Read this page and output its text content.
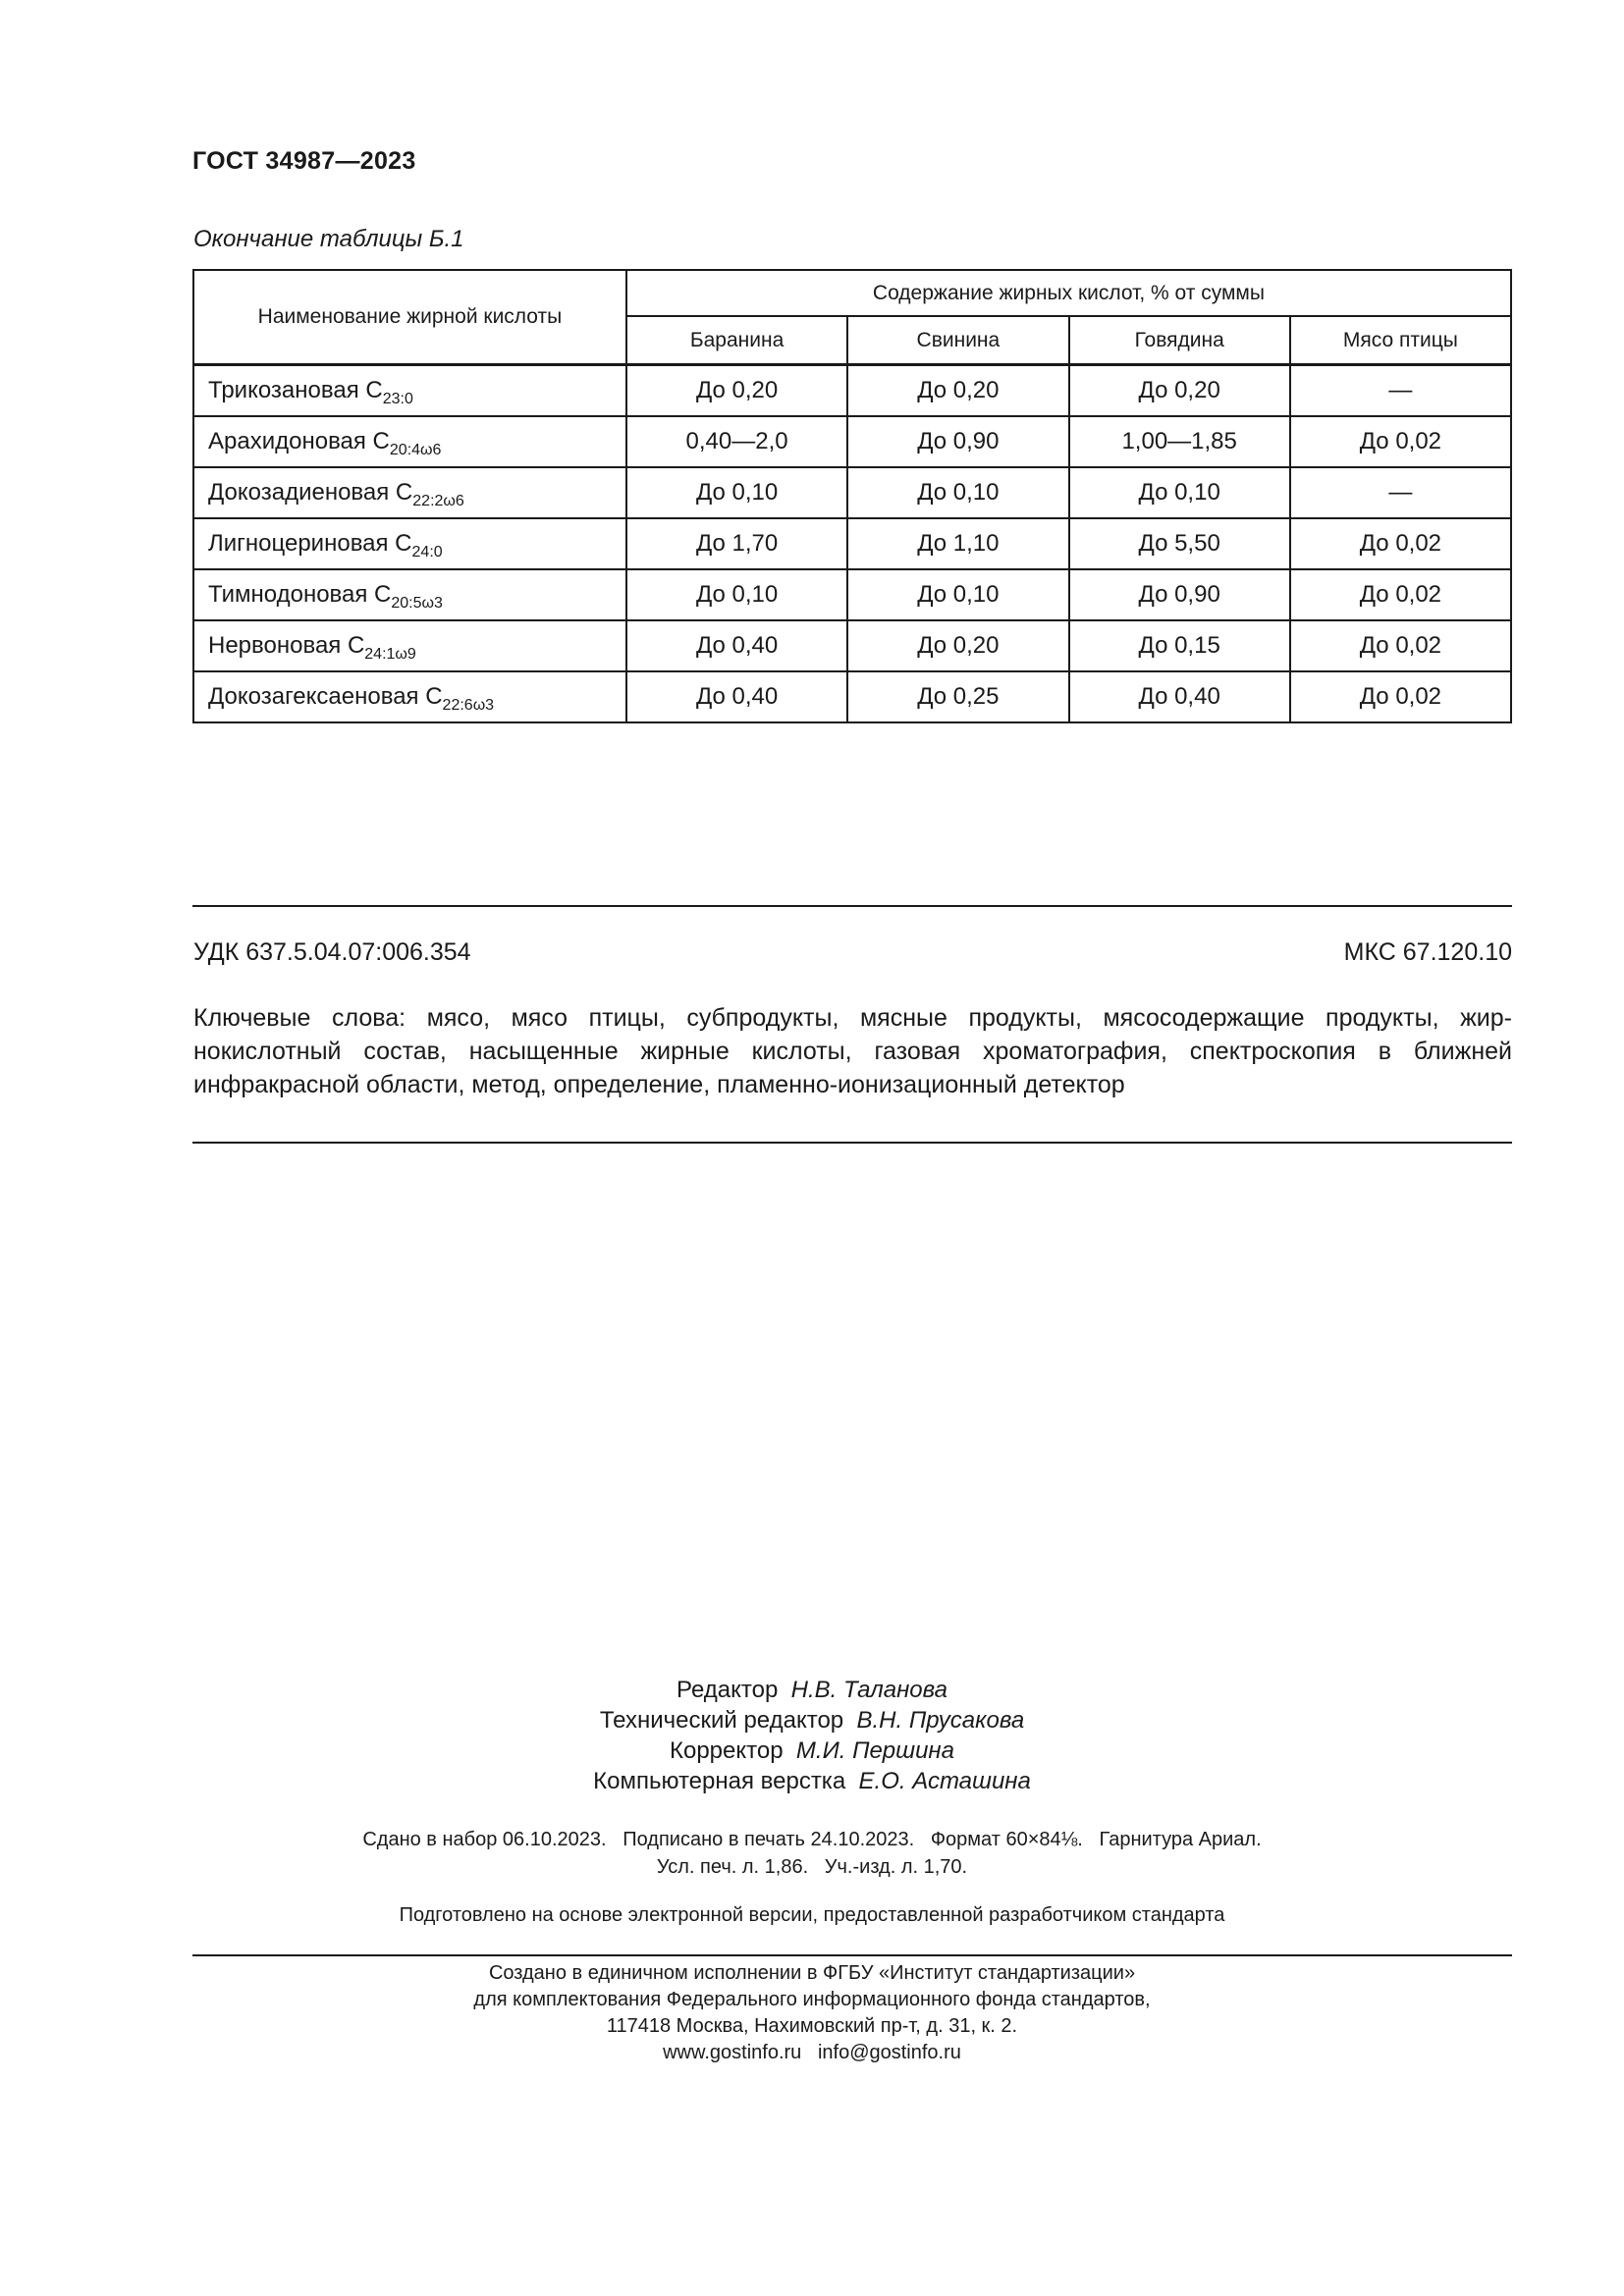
ГОСТ 34987—2023
Окончание таблицы Б.1
Наименование жирной кислоты	Содержание жирных кислот, % от суммы			
	Баранина	Свинина	Говядина	Мясо птицы
Трикозановая $C_{23:0}$	До 0,20	До 0,20	До 0,20	—
Арахидоновая $C_{20:4\omega 6}$	0,40—2,0	До 0,90	1,00—1,85	До 0,02
Докозадиеновая $C_{22:2\omega 6}$	До 0,10	До 0,10	До 0,10	—
Лигноцериновая $C_{24:0}$	До 1,70	До 1,10	До 5,50	До 0,02
Тимнодоновая $C_{20:5\omega 3}$	До 0,10	До 0,10	До 0,90	До 0,02
Нервоновая $C_{24:1\omega 9}$	До 0,40	До 0,20	До 0,15	До 0,02
Докозагексаеновая $C_{22:6\omega 3}$	До 0,40	До 0,25	До 0,40	До 0,02
УДК 637.5.04.07:006.354	МКС 67.120.10
Ключевые слова: мясо, мясо птицы, субпродукты, мясные продукты, мясосодержащие продукты, жир-нокислотный состав, насыщенные жирные кислоты, газовая хроматография, спектроскопия в ближней инфракрасной области, метод, определение, пламенно-ионизационный детектор
Редактор Н.В. Таланова
Технический редактор В.Н. Прусакова
Корректор М.И. Першина
Компьютерная верстка Е.О. Асташина
Сдано в набор 06.10.2023.   Подписано в печать 24.10.2023.   Формат 60×84⅛.   Гарнитура Ариал.
Усл. печ. л. 1,86.   Уч.-изд. л. 1,70.
Подготовлено на основе электронной версии, предоставленной разработчиком стандарта
Создано в единичном исполнении в ФГБУ «Институт стандартизации»
для комплектования Федерального информационного фонда стандартов,
117418 Москва, Нахимовский пр-т, д. 31, к. 2.
www.gostinfo.ru   info@gostinfo.ru
